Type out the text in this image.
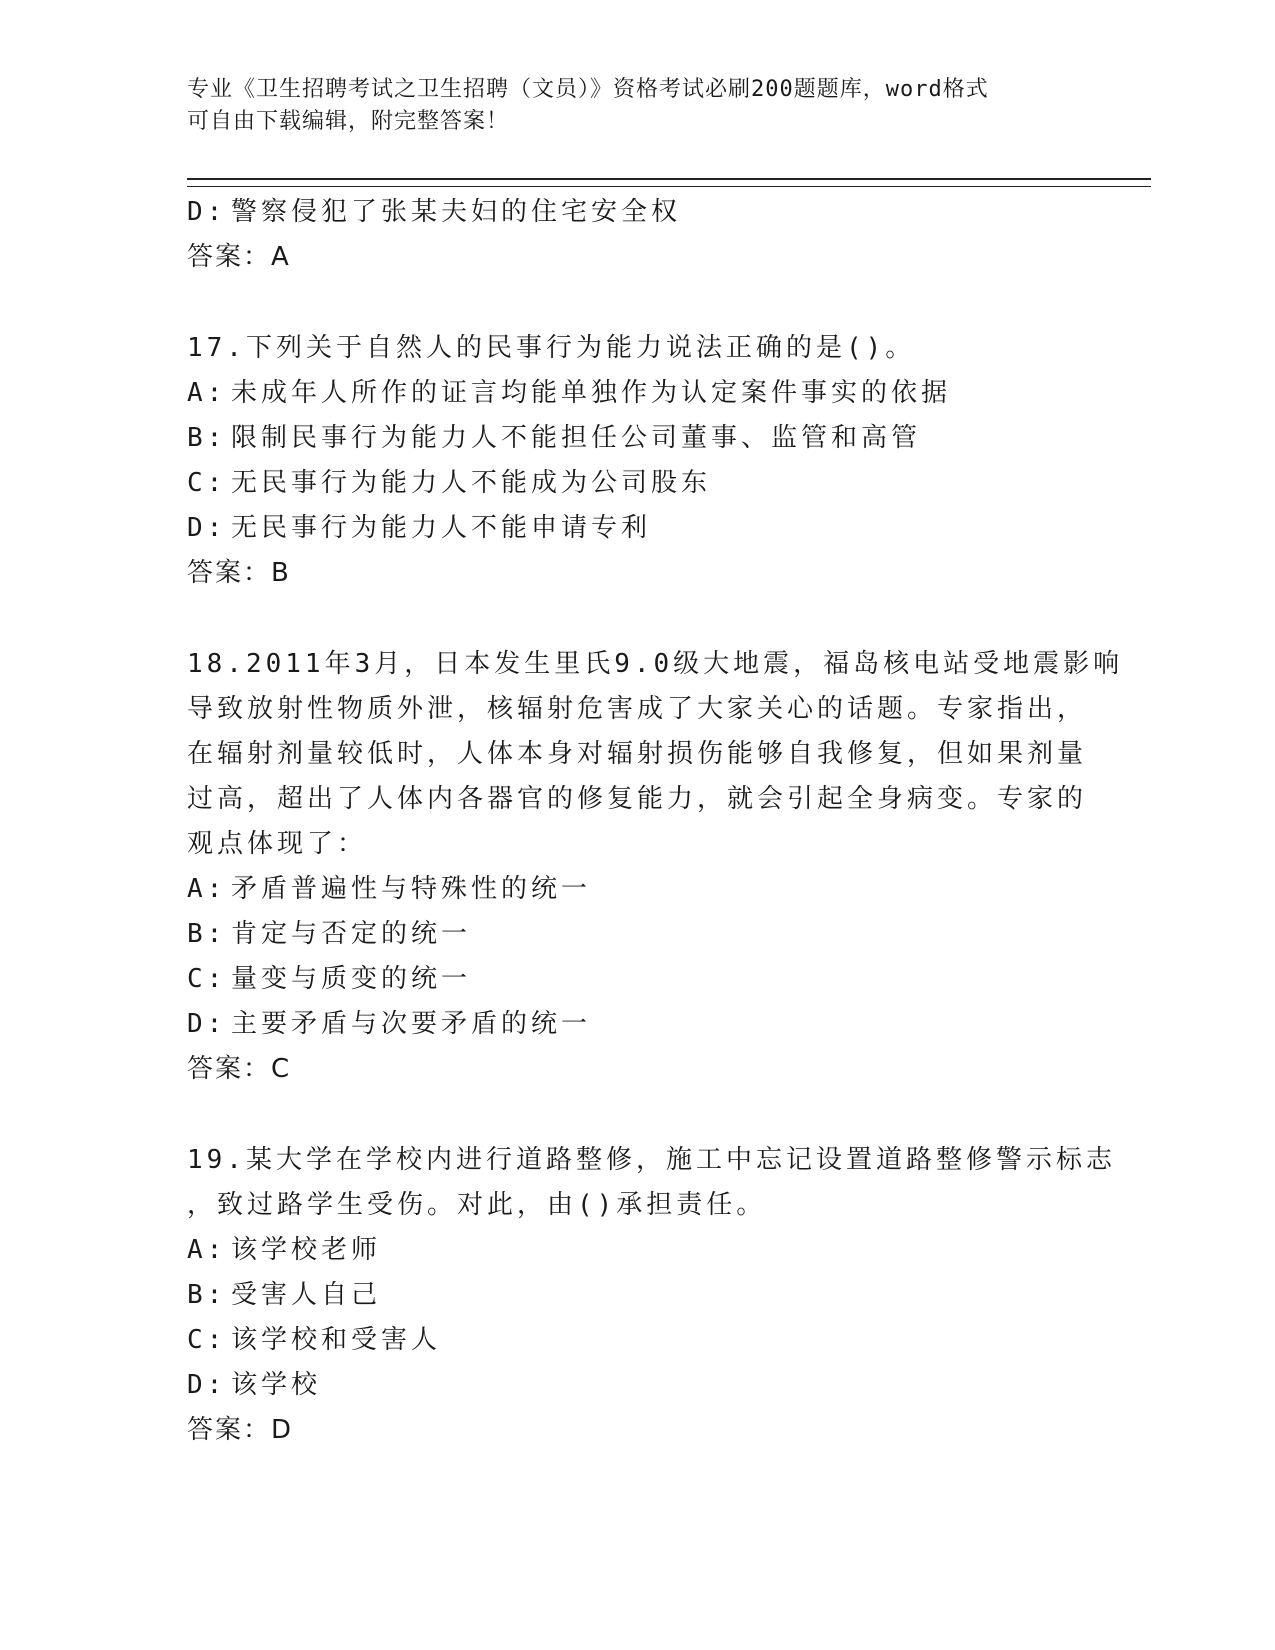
专业《卫生招聘考试之卫生招聘（文员）》资格考试必刷200题题库，word格式
可自由下载编辑，附完整答案！
D: 警察侵犯了张某夫妇的住宅安全权
答案：A
17.下列关于自然人的民事行为能力说法正确的是()。
A: 未成年人所作的证言均能单独作为认定案件事实的依据
B: 限制民事行为能力人不能担任公司董事、监管和高管
C: 无民事行为能力人不能成为公司股东
D: 无民事行为能力人不能申请专利
答案：B
18.2011年3月，日本发生里氏9.0级大地震，福岛核电站受地震影响
导致放射性物质外泄，核辐射危害成了大家关心的话题。专家指出，
在辐射剂量较低时，人体本身对辐射损伤能够自我修复，但如果剂量
过高，超出了人体内各器官的修复能力，就会引起全身病变。专家的
观点体现了：
A: 矛盾普遍性与特殊性的统一
B: 肯定与否定的统一
C: 量变与质变的统一
D: 主要矛盾与次要矛盾的统一
答案：C
19.某大学在学校内进行道路整修，施工中忘记设置道路整修警示标志
，致过路学生受伤。对此，由()承担责任。
A: 该学校老师
B: 受害人自己
C: 该学校和受害人
D: 该学校
答案：D
